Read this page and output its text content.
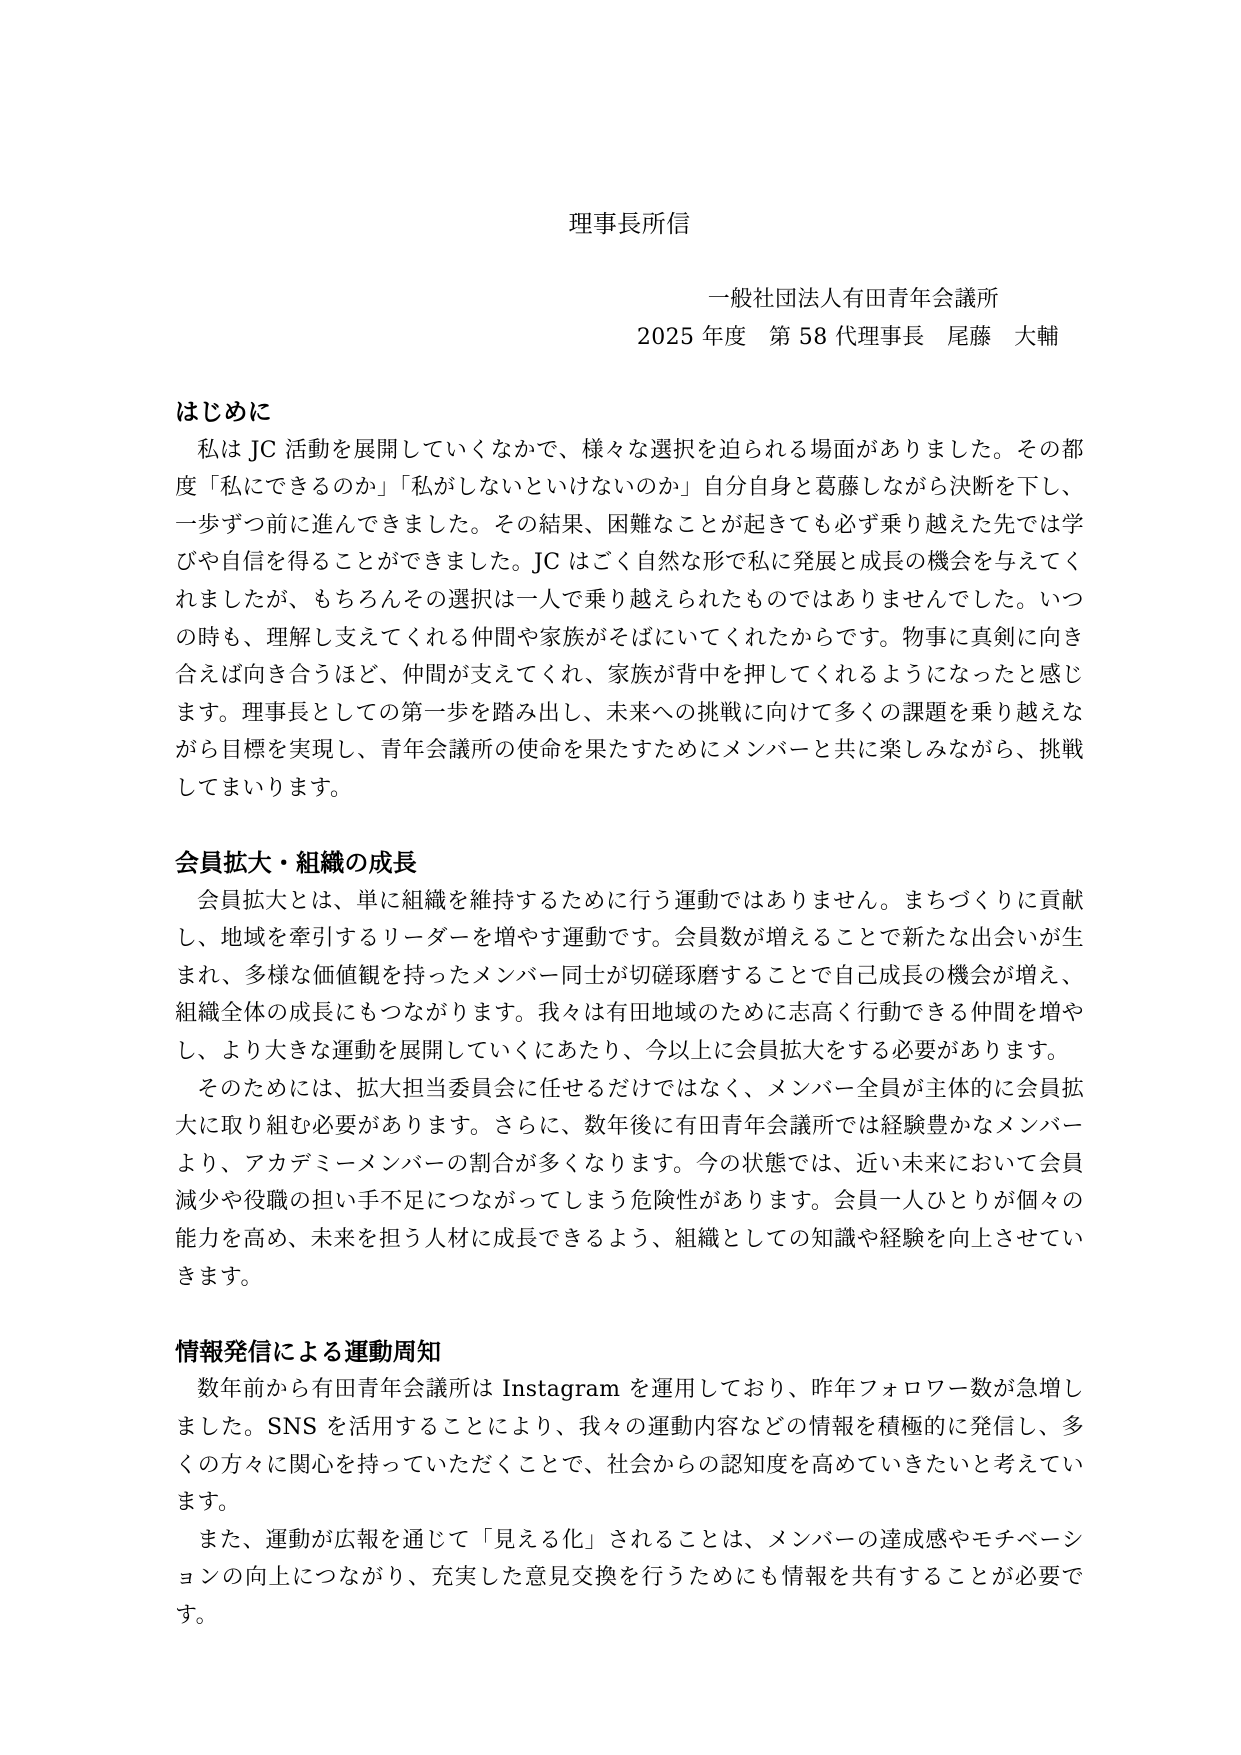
理事長所信
一般社団法人有田青年会議所
2025 年度　第 58 代理事長　尾藤　大輔
はじめに

私は JC 活動を展開していくなかで、様々な選択を迫られる場面がありました。その都度「私にできるのか」「私がしないといけないのか」自分自身と葛藤しながら決断を下し、一歩ずつ前に進んできました。その結果、困難なことが起きても必ず乗り越えた先では学びや自信を得ることができました。JC はごく自然な形で私に発展と成長の機会を与えてくれましたが、もちろんその選択は一人で乗り越えられたものではありませんでした。いつの時も、理解し支えてくれる仲間や家族がそばにいてくれたからです。物事に真剣に向き合えば向き合うほど、仲間が支えてくれ、家族が背中を押してくれるようになったと感じます。理事長としての第一歩を踏み出し、未来への挑戦に向けて多くの課題を乗り越えながら目標を実現し、青年会議所の使命を果たすためにメンバーと共に楽しみながら、挑戦してまいります。

会員拡大・組織の成長

会員拡大とは、単に組織を維持するために行う運動ではありません。まちづくりに貢献し、地域を牽引するリーダーを増やす運動です。会員数が増えることで新たな出会いが生まれ、多様な価値観を持ったメンバー同士が切磋琢磨することで自己成長の機会が増え、組織全体の成長にもつながります。我々は有田地域のために志高く行動できる仲間を増やし、より大きな運動を展開していくにあたり、今以上に会員拡大をする必要があります。

そのためには、拡大担当委員会に任せるだけではなく、メンバー全員が主体的に会員拡大に取り組む必要があります。さらに、数年後に有田青年会議所では経験豊かなメンバーより、アカデミーメンバーの割合が多くなります。今の状態では、近い未来において会員減少や役職の担い手不足につながってしまう危険性があります。会員一人ひとりが個々の能力を高め、未来を担う人材に成長できるよう、組織としての知識や経験を向上させていきます。

情報発信による運動周知

数年前から有田青年会議所は Instagram を運用しており、昨年フォロワー数が急増しました。SNS を活用することにより、我々の運動内容などの情報を積極的に発信し、多くの方々に関心を持っていただくことで、社会からの認知度を高めていきたいと考えています。

また、運動が広報を通じて「見える化」されることは、メンバーの達成感やモチベーションの向上につながり、充実した意見交換を行うためにも情報を共有することが必要です。
